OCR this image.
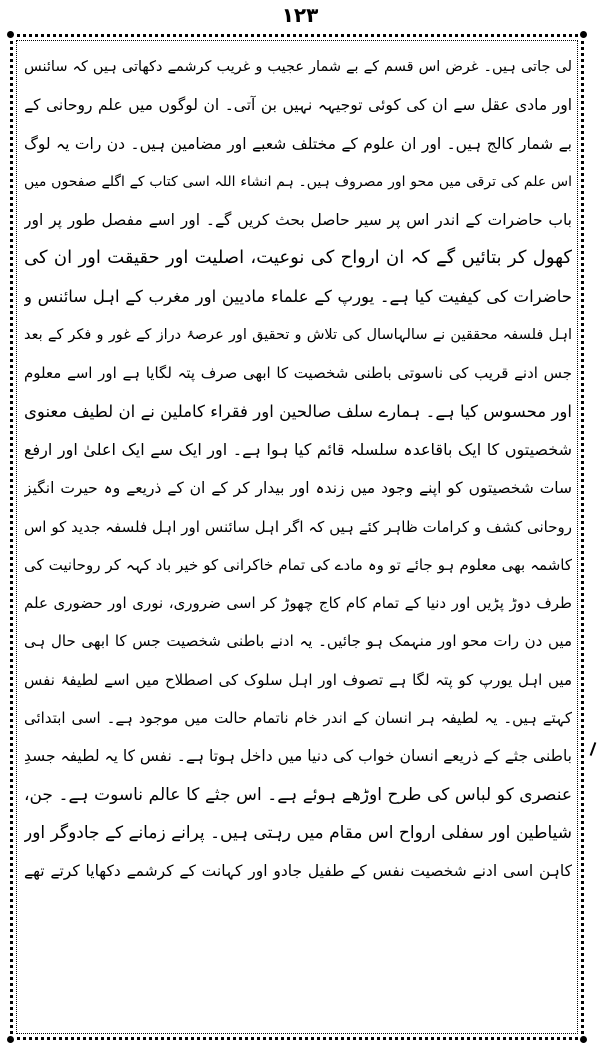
۱۲۳
لی جاتی ہیں۔ غرض اس قسم کے بے شمار عجیب و غریب کرشمے دکھاتی ہیں کہ سائنس
اور مادی عقل سے ان کی کوئی توجیہہ نہیں بن آتی۔ ان لوگوں میں علم روحانی کے
بے شمار کالج ہیں۔ اور ان علوم کے مختلف شعبے اور مضامین ہیں۔ دن رات یہ لوگ
اس علم کی ترقی میں محو اور مصروف ہیں۔ ہم انشاء اللہ اسی کتاب کے اگلے صفحوں میں
باب حاضرات کے اندر اس پر سیر حاصل بحث کریں گے۔ اور اسے مفصل طور پر اور
کھول کر بتائیں گے کہ ان ارواح کی نوعیت، اصلیت اور حقیقت اور ان کی
حاضرات کی کیفیت کیا ہے۔ یورپ کے علماء مادیین اور مغرب کے اہل سائنس و
اہل فلسفہ محققین نے سالہاسال کی تلاش و تحقیق اور عرصۂ دراز کے غور و فکر کے بعد
جس ادنے قریب کی ناسوتی باطنی شخصیت کا ابھی صرف پتہ لگایا ہے اور اسے معلوم
اور محسوس کیا ہے۔ ہمارے سلف صالحین اور فقراء کاملین نے ان لطیف معنوی
شخصیتوں کا ایک باقاعدہ سلسلہ قائم کیا ہوا ہے۔ اور ایک سے ایک اعلیٰ اور ارفع
سات شخصیتوں کو اپنے وجود میں زندہ اور بیدار کر کے ان کے ذریعے وہ حیرت انگیز
روحانی کشف و کرامات ظاہر کئے ہیں کہ اگر اہل سائنس اور اہل فلسفہ جدید کو اس
کاشمہ بھی معلوم ہو جائے تو وہ مادے کی تمام خاکرانی کو خیر باد کہہ کر روحانیت کی
طرف دوڑ پڑیں اور دنیا کے تمام کام کاج چھوڑ کر اسی ضروری، نوری اور حضوری علم
میں دن رات محو اور منہمک ہو جائیں۔ یہ ادنے باطنی شخصیت جس کا ابھی حال ہی
میں اہل یورپ کو پتہ لگا ہے تصوف اور اہل سلوک کی اصطلاح میں اسے لطیفۂ نفس
کہتے ہیں۔ یہ لطیفہ ہر انسان کے اندر خام ناتمام حالت میں موجود ہے۔ اسی ابتدائی
باطنی جثے کے ذریعے انسان خواب کی دنیا میں داخل ہوتا ہے۔ نفس کا یہ لطیفہ جسدِ
عنصری کو لباس کی طرح اوڑھے ہوئے ہے۔ اس جثے کا عالم ناسوت ہے۔ جن،
شیاطین اور سفلی ارواح اس مقام میں رہتی ہیں۔ پرانے زمانے کے جادوگر اور
کاہن اسی ادنے شخصیت نفس کے طفیل جادو اور کہانت کے کرشمے دکھایا کرتے تھے
